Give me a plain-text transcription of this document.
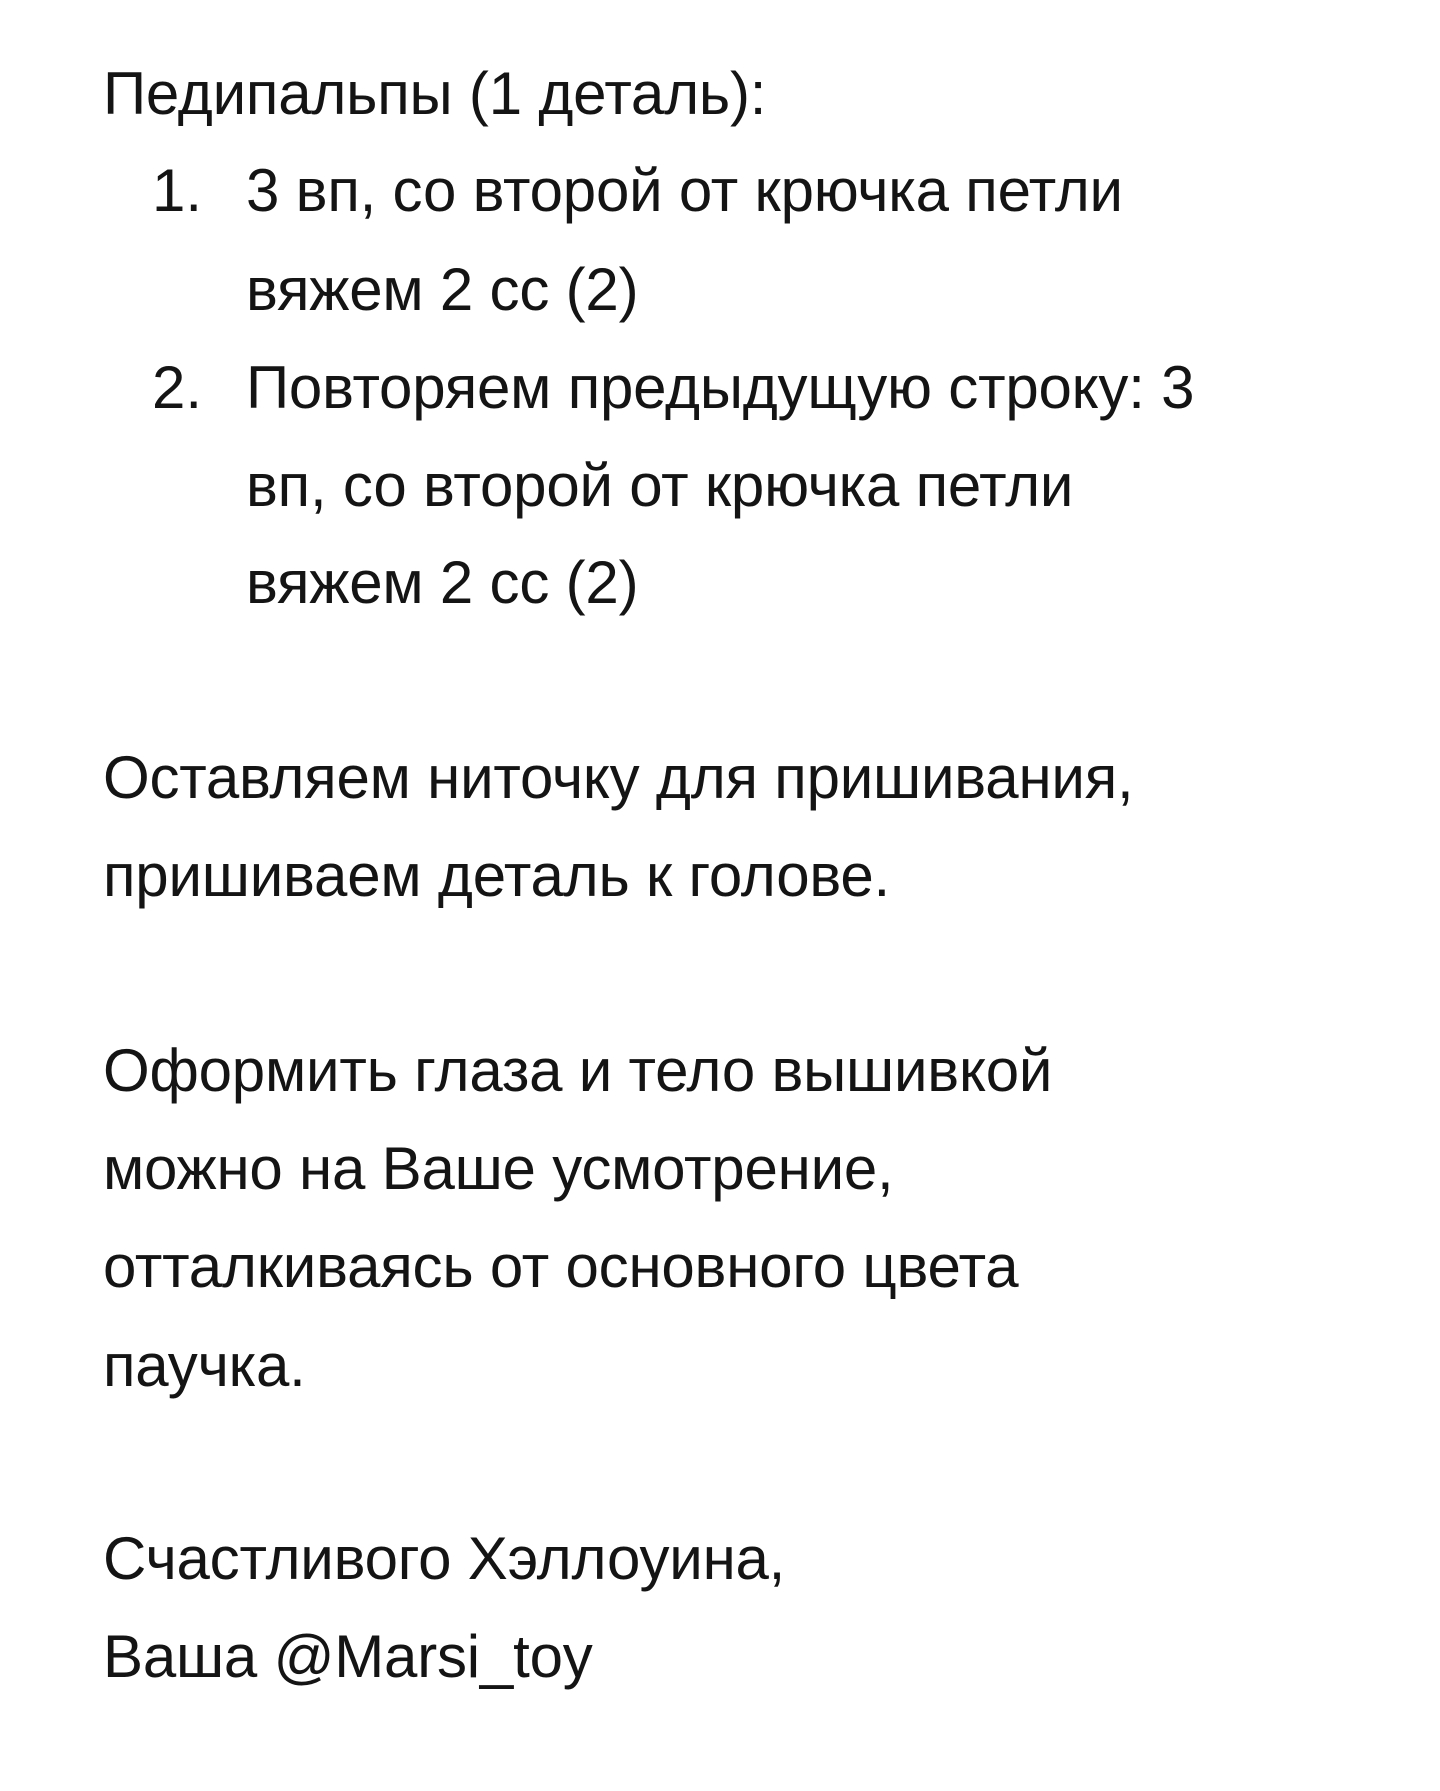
Педипальпы (1 деталь):
1. 3 вп, со второй от крючка петли
вяжем 2 сс (2)
2. Повторяем предыдущую строку: 3
вп, со второй от крючка петли
вяжем 2 сс (2)
Оставляем ниточку для пришивания,
пришиваем деталь к голове.
Оформить глаза и тело вышивкой
можно на Ваше усмотрение,
отталкиваясь от основного цвета
паучка.
Счастливого Хэллоуина,
Ваша @Marsi_toy
